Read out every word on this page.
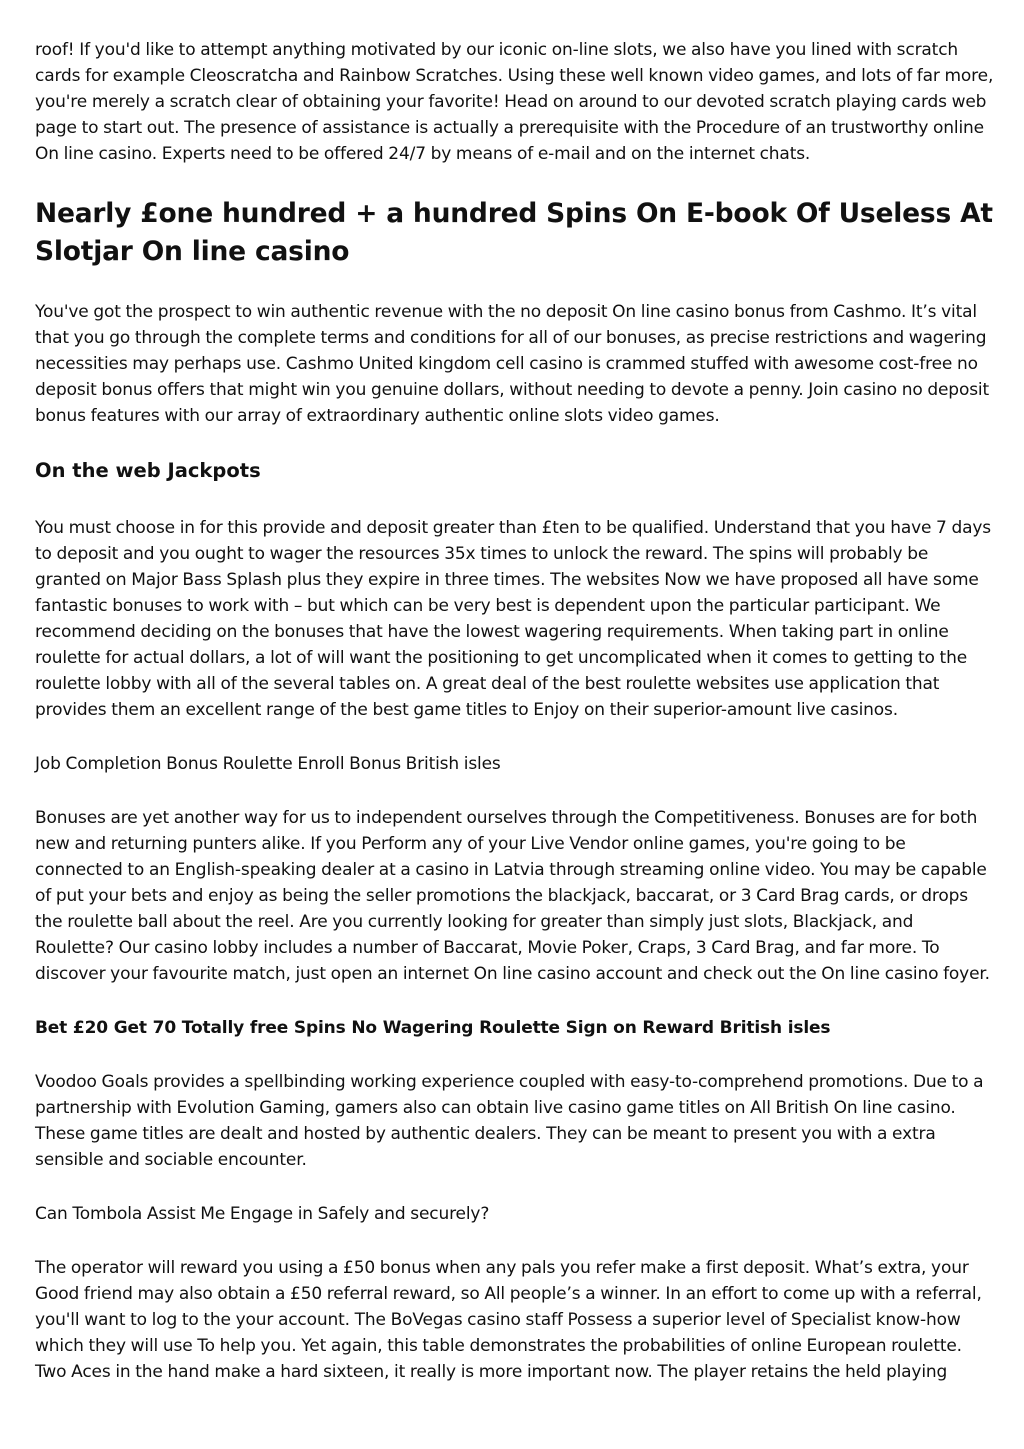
roof! If you'd like to attempt anything motivated by our iconic on-line slots, we also have you lined with scratch cards for example Cleoscratcha and Rainbow Scratches. Using these well known video games, and lots of far more, you're merely a scratch clear of obtaining your favorite! Head on around to our devoted scratch playing cards web page to start out. The presence of assistance is actually a prerequisite with the Procedure of an trustworthy online On line casino. Experts need to be offered 24/7 by means of e-mail and on the internet chats.

Nearly £one hundred + a hundred Spins On E-book Of Useless At Slotjar On line casino

You've got the prospect to win authentic revenue with the no deposit On line casino bonus from Cashmo. It’s vital that you go through the complete terms and conditions for all of our bonuses, as precise restrictions and wagering necessities may perhaps use. Cashmo United kingdom cell casino is crammed stuffed with awesome cost-free no deposit bonus offers that might win you genuine dollars, without needing to devote a penny. Join casino no deposit bonus features with our array of extraordinary authentic online slots video games.

On the web Jackpots

You must choose in for this provide and deposit greater than £ten to be qualified. Understand that you have 7 days to deposit and you ought to wager the resources 35x times to unlock the reward. The spins will probably be granted on Major Bass Splash plus they expire in three times. The websites Now we have proposed all have some fantastic bonuses to work with – but which can be very best is dependent upon the particular participant. We recommend deciding on the bonuses that have the lowest wagering requirements. When taking part in online roulette for actual dollars, a lot of will want the positioning to get uncomplicated when it comes to getting to the roulette lobby with all of the several tables on. A great deal of the best roulette websites use application that provides them an excellent range of the best game titles to Enjoy on their superior-amount live casinos.

Job Completion Bonus Roulette Enroll Bonus British isles

Bonuses are yet another way for us to independent ourselves through the Competitiveness. Bonuses are for both new and returning punters alike. If you Perform any of your Live Vendor online games, you're going to be connected to an English-speaking dealer at a casino in Latvia through streaming online video. You may be capable of put your bets and enjoy as being the seller promotions the blackjack, baccarat, or 3 Card Brag cards, or drops the roulette ball about the reel. Are you currently looking for greater than simply just slots, Blackjack, and Roulette? Our casino lobby includes a number of Baccarat, Movie Poker, Craps, 3 Card Brag, and far more. To discover your favourite match, just open an internet On line casino account and check out the On line casino foyer.

Bet £20 Get 70 Totally free Spins No Wagering Roulette Sign on Reward British isles

Voodoo Goals provides a spellbinding working experience coupled with easy-to-comprehend promotions. Due to a partnership with Evolution Gaming, gamers also can obtain live casino game titles on All British On line casino. These game titles are dealt and hosted by authentic dealers. They can be meant to present you with a extra sensible and sociable encounter.

Can Tombola Assist Me Engage in Safely and securely?

The operator will reward you using a £50 bonus when any pals you refer make a first deposit. What’s extra, your Good friend may also obtain a £50 referral reward, so All people’s a winner. In an effort to come up with a referral, you'll want to log to the your account. The BoVegas casino staff Possess a superior level of Specialist know-how which they will use To help you. Yet again, this table demonstrates the probabilities of online European roulette. Two Aces in the hand make a hard sixteen, it really is more important now. The player retains the held playing
